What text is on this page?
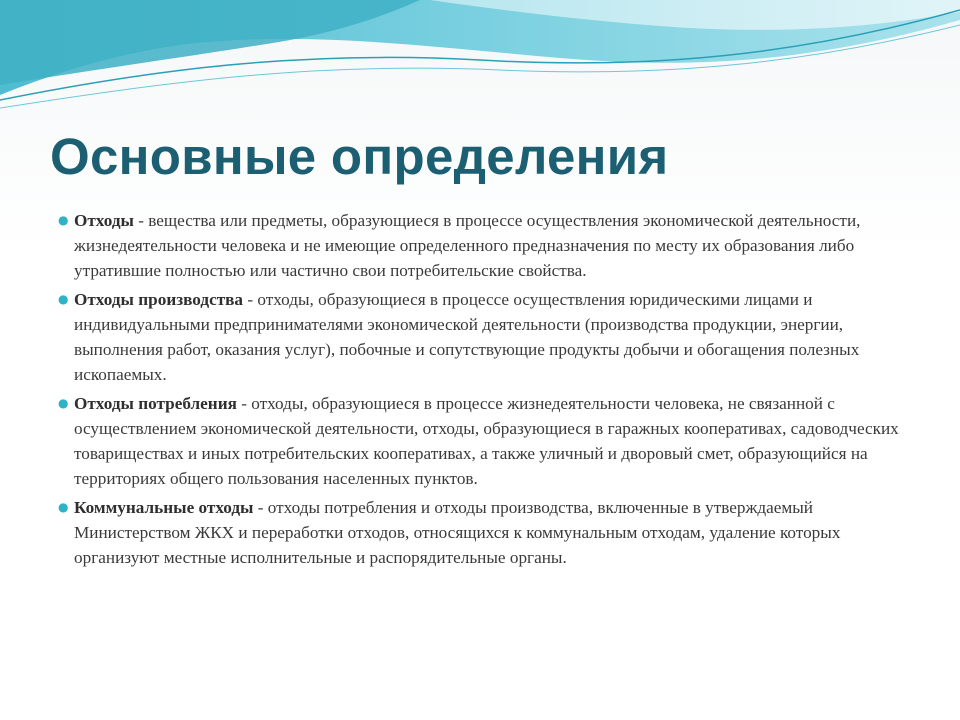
Основные определения
● Отходы - вещества или предметы, образующиеся в процессе осуществления экономической деятельности, жизнедеятельности человека и не имеющие определенного предназначения по месту их образования либо утратившие полностью или частично свои потребительские свойства.
● Отходы производства - отходы, образующиеся в процессе осуществления юридическими лицами и индивидуальными предпринимателями экономической деятельности (производства продукции, энергии, выполнения работ, оказания услуг), побочные и сопутствующие продукты добычи и обогащения полезных ископаемых.
● Отходы потребления - отходы, образующиеся в процессе жизнедеятельности человека, не связанной с осуществлением экономической деятельности, отходы, образующиеся в гаражных кооперативах, садоводческих товариществах и иных потребительских кооперативах, а также уличный и дворовый смет, образующийся на территориях общего пользования населенных пунктов.
● Коммунальные отходы - отходы потребления и отходы производства, включенные в утверждаемый Министерством ЖКХ и переработки отходов, относящихся к коммунальным отходам, удаление которых организуют местные исполнительные и распорядительные органы.
